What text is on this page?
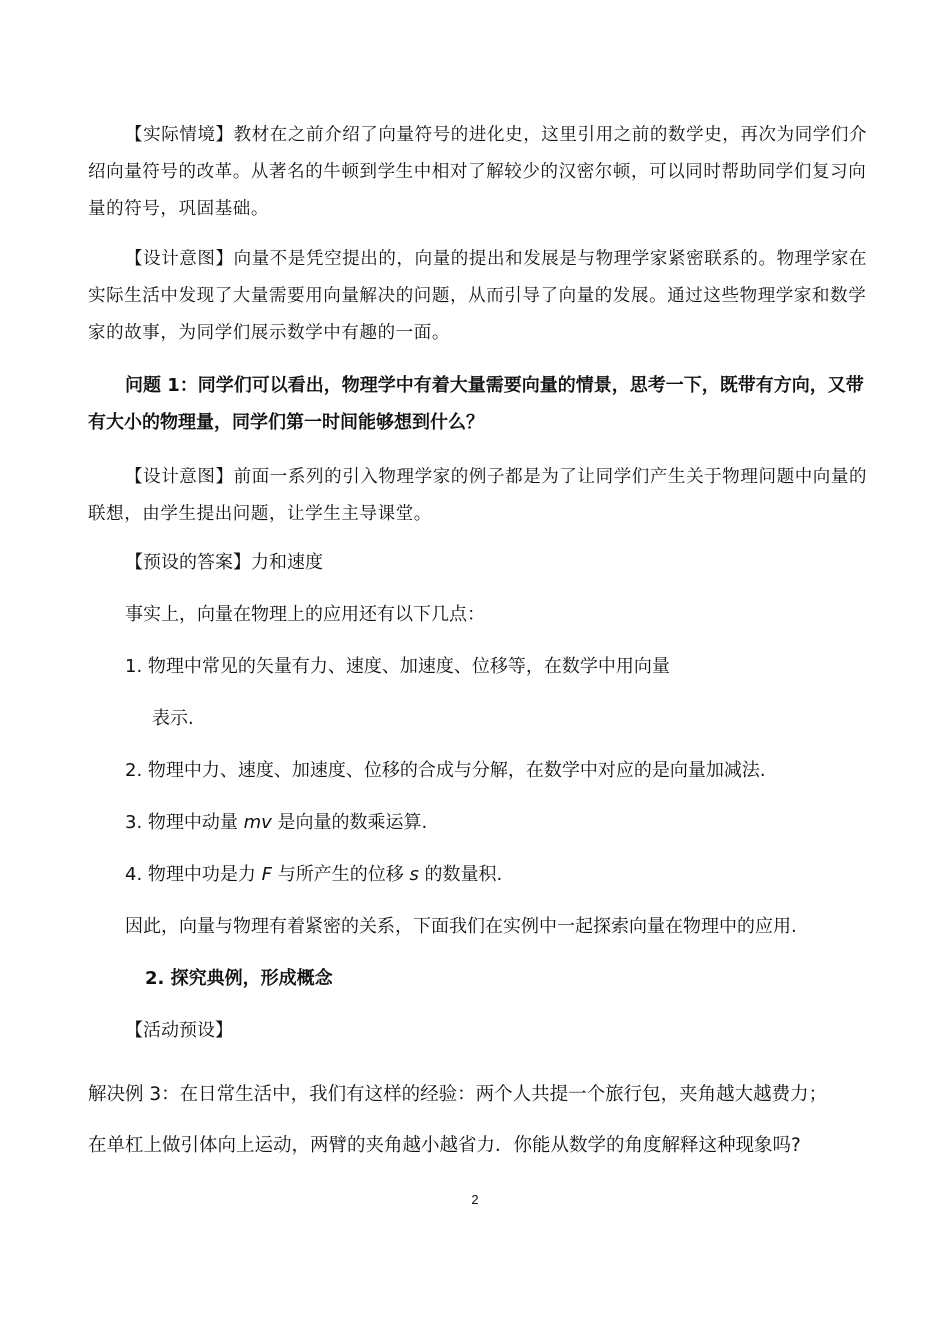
【实际情境】教材在之前介绍了向量符号的进化史，这里引用之前的数学史，再次为同学们介绍向量符号的改革。从著名的牛顿到学生中相对了解较少的汉密尔顿，可以同时帮助同学们复习向量的符号，巩固基础。

【设计意图】向量不是凭空提出的，向量的提出和发展是与物理学家紧密联系的。物理学家在实际生活中发现了大量需要用向量解决的问题，从而引导了向量的发展。通过这些物理学家和数学家的故事，为同学们展示数学中有趣的一面。

问题 1：同学们可以看出，物理学中有着大量需要向量的情景，思考一下，既带有方向，又带有大小的物理量，同学们第一时间能够想到什么？

【设计意图】前面一系列的引入物理学家的例子都是为了让同学们产生关于物理问题中向量的联想，由学生提出问题，让学生主导课堂。

【预设的答案】力和速度

事实上，向量在物理上的应用还有以下几点：

1. 物理中常见的矢量有力、速度、加速度、位移等，在数学中用向量

表示.

2. 物理中力、速度、加速度、位移的合成与分解，在数学中对应的是向量加减法.

3. 物理中动量 mv 是向量的数乘运算.

4. 物理中功是力 F 与所产生的位移 s 的数量积.

因此，向量与物理有着紧密的关系，下面我们在实例中一起探索向量在物理中的应用.

2. 探究典例，形成概念

【活动预设】

解决例 3：在日常生活中，我们有这样的经验：两个人共提一个旅行包，夹角越大越费力；

在单杠上做引体向上运动，两臂的夹角越小越省力．你能从数学的角度解释这种现象吗?

2
